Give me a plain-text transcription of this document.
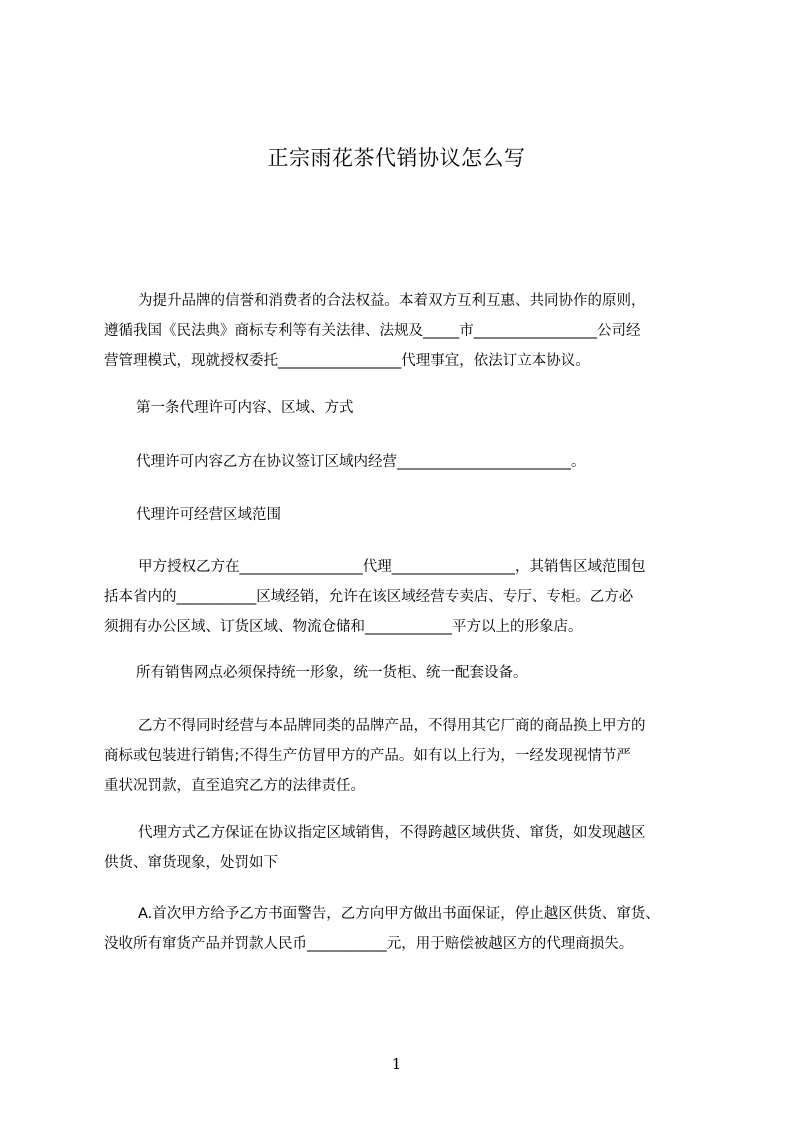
正宗雨花茶代销协议怎么写
为提升品牌的信誉和消费者的合法权益。本着双方互利互惠、共同协作的原则，
遵循我国《民法典》商标专利等有关法律、法规及_____市_________________公司经
营管理模式，现就授权委托_________________代理事宜，依法订立本协议。
第一条代理许可内容、区域、方式
代理许可内容乙方在协议签订区域内经营________________________。
代理许可经营区域范围
甲方授权乙方在_________________代理_________________，其销售区域范围包
括本省内的___________区域经销，允许在该区域经营专卖店、专厅、专柜。乙方必
须拥有办公区域、订货区域、物流仓储和____________平方以上的形象店。
所有销售网点必须保持统一形象，统一货柜、统一配套设备。
乙方不得同时经营与本品牌同类的品牌产品，不得用其它厂商的商品换上甲方的
商标或包装进行销售;不得生产仿冒甲方的产品。如有以上行为，一经发现视情节严
重状况罚款，直至追究乙方的法律责任。
代理方式乙方保证在协议指定区域销售，不得跨越区域供货、窜货，如发现越区
供货、窜货现象，处罚如下
A.首次甲方给予乙方书面警告，乙方向甲方做出书面保证，停止越区供货、窜货、
没收所有窜货产品并罚款人民币___________元，用于赔偿被越区方的代理商损失。
1
